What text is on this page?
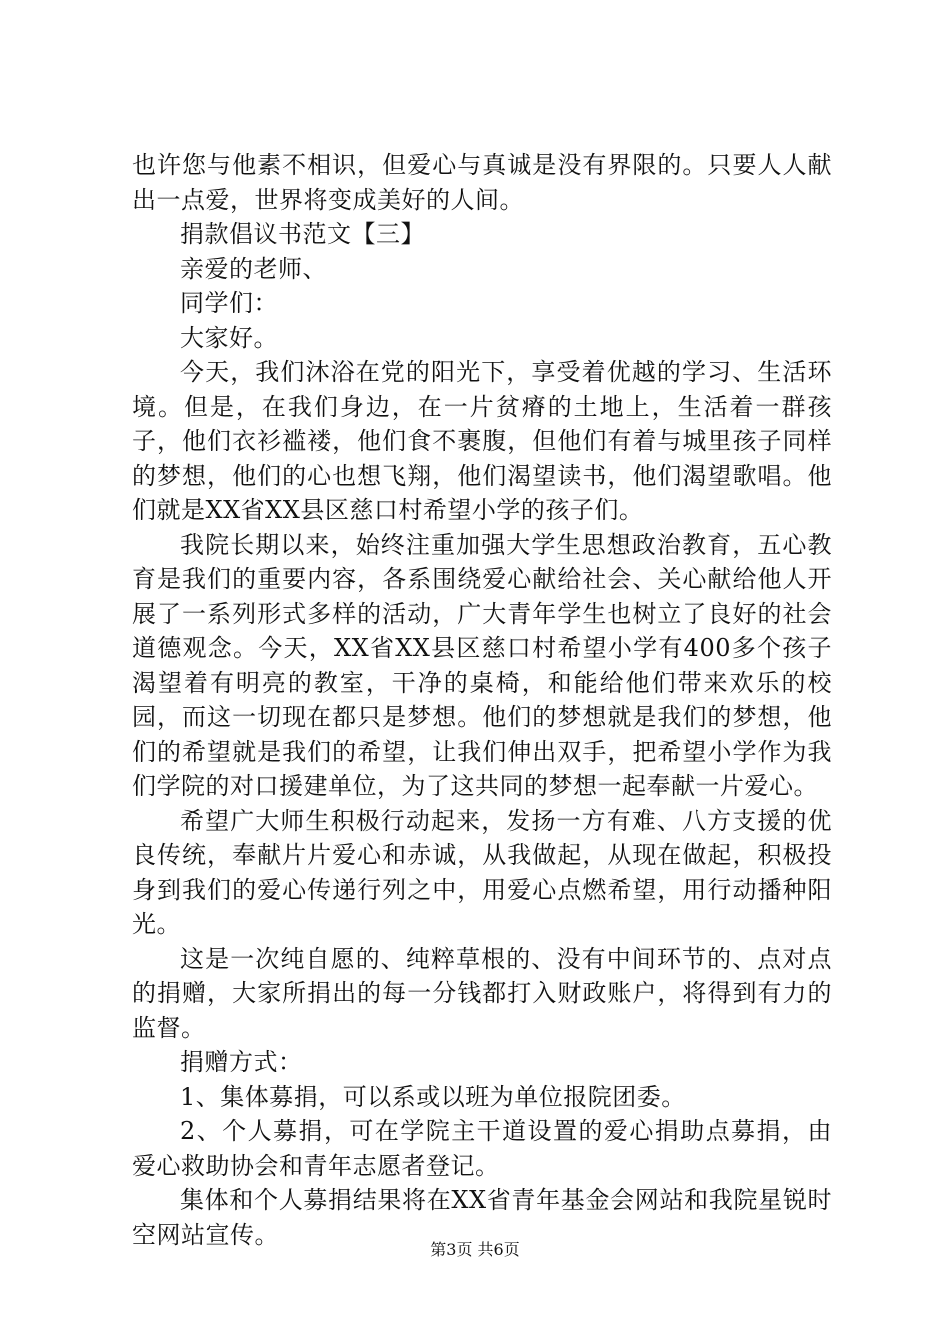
也许您与他素不相识，但爱心与真诚是没有界限的。只要人人献出一点爱，世界将变成美好的人间。

捐款倡议书范文【三】

亲爱的老师、

同学们：

大家好。

今天，我们沐浴在党的阳光下，享受着优越的学习、生活环境。但是，在我们身边，在一片贫瘠的土地上，生活着一群孩子，他们衣衫褴褛，他们食不裹腹，但他们有着与城里孩子同样的梦想，他们的心也想飞翔，他们渴望读书，他们渴望歌唱。他们就是XX省XX县区慈口村希望小学的孩子们。

我院长期以来，始终注重加强大学生思想政治教育，五心教育是我们的重要内容，各系围绕爱心献给社会、关心献给他人开展了一系列形式多样的活动，广大青年学生也树立了良好的社会道德观念。今天，XX省XX县区慈口村希望小学有400多个孩子渴望着有明亮的教室，干净的桌椅，和能给他们带来欢乐的校园，而这一切现在都只是梦想。他们的梦想就是我们的梦想，他们的希望就是我们的希望，让我们伸出双手，把希望小学作为我们学院的对口援建单位，为了这共同的梦想一起奉献一片爱心。

希望广大师生积极行动起来，发扬一方有难、八方支援的优良传统，奉献片片爱心和赤诚，从我做起，从现在做起，积极投身到我们的爱心传递行列之中，用爱心点燃希望，用行动播种阳光。

这是一次纯自愿的、纯粹草根的、没有中间环节的、点对点的捐赠，大家所捐出的每一分钱都打入财政账户，将得到有力的监督。

捐赠方式：

1、集体募捐，可以系或以班为单位报院团委。

2、个人募捐，可在学院主干道设置的爱心捐助点募捐，由爱心救助协会和青年志愿者登记。

集体和个人募捐结果将在XX省青年基金会网站和我院星锐时空网站宣传。

第3页 共6页
